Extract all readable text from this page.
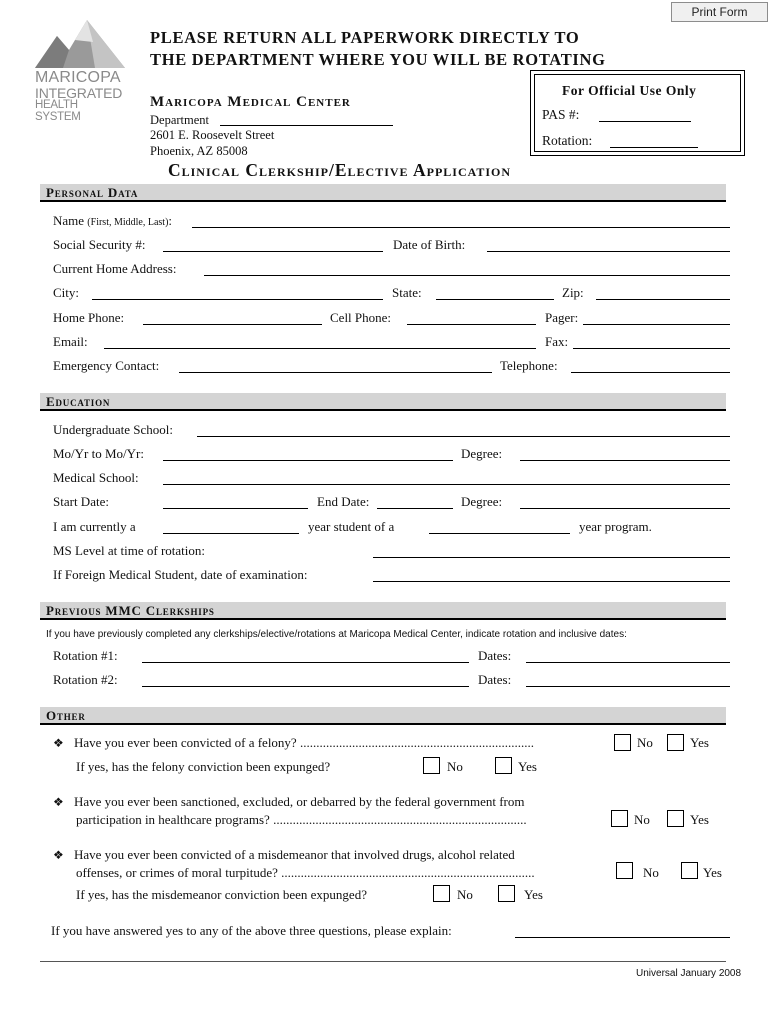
Print Form
MARICOPA
INTEGRATED
HEALTH SYSTEM
PLEASE RETURN ALL PAPERWORK DIRECTLY TO
THE DEPARTMENT WHERE YOU WILL BE ROTATING
Maricopa Medical Center
Department
2601 E. Roosevelt Street
Phoenix, AZ 85008
Clinical Clerkship/Elective Application
For Official Use Only
PAS #:
Rotation:
Personal Data
Name (First, Middle, Last):
Social Security #:	Date of Birth:
Current Home Address:
City:	State:	Zip:
Home Phone:	Cell Phone:	Pager:
Email:	Fax:
Emergency Contact:	Telephone:
Education
Undergraduate School:
Mo/Yr to Mo/Yr:	Degree:
Medical School:
Start Date:	End Date:	Degree:
I am currently a	year student of a	year program.
MS Level at time of rotation:
If Foreign Medical Student, date of examination:
Previous MMC Clerkships
If you have previously completed any clerkships/elective/rotations at Maricopa Medical Center, indicate rotation and inclusive dates:
Rotation #1:	Dates:
Rotation #2:	Dates:
Other
❖ Have you ever been convicted of a felony? ........................................................................	No	Yes
If yes, has the felony conviction been expunged?	No	Yes
❖ Have you ever been sanctioned, excluded, or debarred by the federal government from
participation in healthcare programs? ..............................................................................	No	Yes
❖ Have you ever been convicted of a misdemeanor that involved drugs, alcohol related
offenses, or crimes of moral turpitude? ..............................................................................	No	Yes
If yes, has the misdemeanor conviction been expunged?	No	Yes
If you have answered yes to any of the above three questions, please explain:
Universal January 2008
